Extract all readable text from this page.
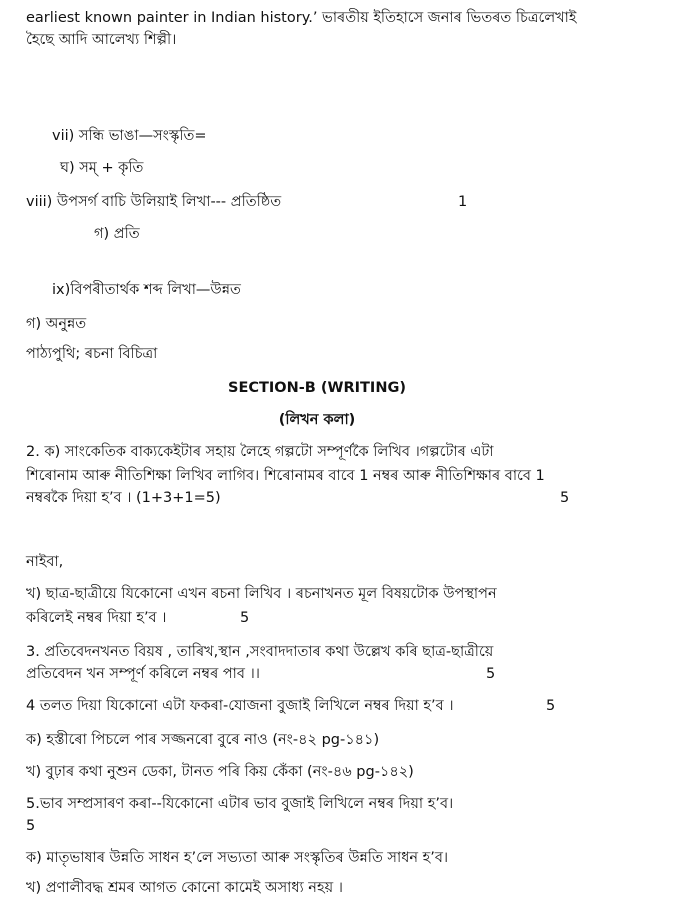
earliest known painter in Indian history.’ ভাৰতীয় ইতিহাসে জনাৰ ভিতৰত চিত্ৰলেখাই
হৈছে আদি আলেখ্য শিল্পী।
vii) সন্ধি ভাঙা—সংস্কৃতি=
ঘ) সম্ + কৃতি
viii) উপসৰ্গ বাচি উলিয়াই লিখা--- প্ৰতিষ্ঠিত	1
গ) প্ৰতি
ix)বিপৰীতাৰ্থক শব্দ লিখা—উন্নত
গ) অনুন্নত
পাঠ্যপুথি; ৰচনা বিচিত্ৰা
SECTION-B (WRITING)
(লিখন কলা)
2. ক) সাংকেতিক বাক্যকেইটাৰ সহায় লৈহে গল্পটো সম্পূৰ্ণকৈ লিখিব ।গল্পটোৰ এটা
শিৰোনাম আৰু নীতিশিক্ষা লিখিব লাগিব। শিৰোনামৰ বাবে 1 নম্বৰ আৰু নীতিশিক্ষাৰ বাবে 1
নম্বৰকৈ দিয়া হ’ব । (1+3+1=5)	5
নাইবা,
খ) ছাত্ৰ-ছাত্ৰীয়ে যিকোনো এখন ৰচনা লিখিব । ৰচনাখনত মূল বিষয়টোক উপস্থাপন
কৰিলেই নম্বৰ দিয়া হ’ব ।	5
3. প্ৰতিবেদনখনত বিয়ষ , তাৰিখ,স্থান ,সংবাদদাতাৰ কথা উল্লেখ কৰি ছাত্ৰ-ছাত্ৰীয়ে
প্ৰতিবেদন খন সম্পূৰ্ণ কৰিলে নম্বৰ পাব ।।	5
4 তলত দিয়া যিকোনো এটা ফকৰা-যোজনা বুজাই লিখিলে নম্বৰ দিয়া হ’ব ।	5
ক) হস্তীৰো পিচলে পাৰ সজ্জনৰো বুৰে নাও (নং-৪২ pg-১৪১)
খ) বুঢ়াৰ কথা নুশুন ডেকা, টানত পৰি কিয় কেঁকা (নং-৪৬ pg-১৪২)
5.ভাব সম্প্ৰসাৰণ কৰা--যিকোনো এটাৰ ভাব বুজাই লিখিলে নম্বৰ দিয়া হ’ব।
5
ক) মাতৃভাষাৰ উন্নতি সাধন হ’লে সভ্যতা আৰু সংস্কৃতিৰ উন্নতি সাধন হ’ব।
খ) প্ৰণালীবদ্ধ শ্ৰমৰ আগত কোনো কামেই অসাধ্য নহয় ।
